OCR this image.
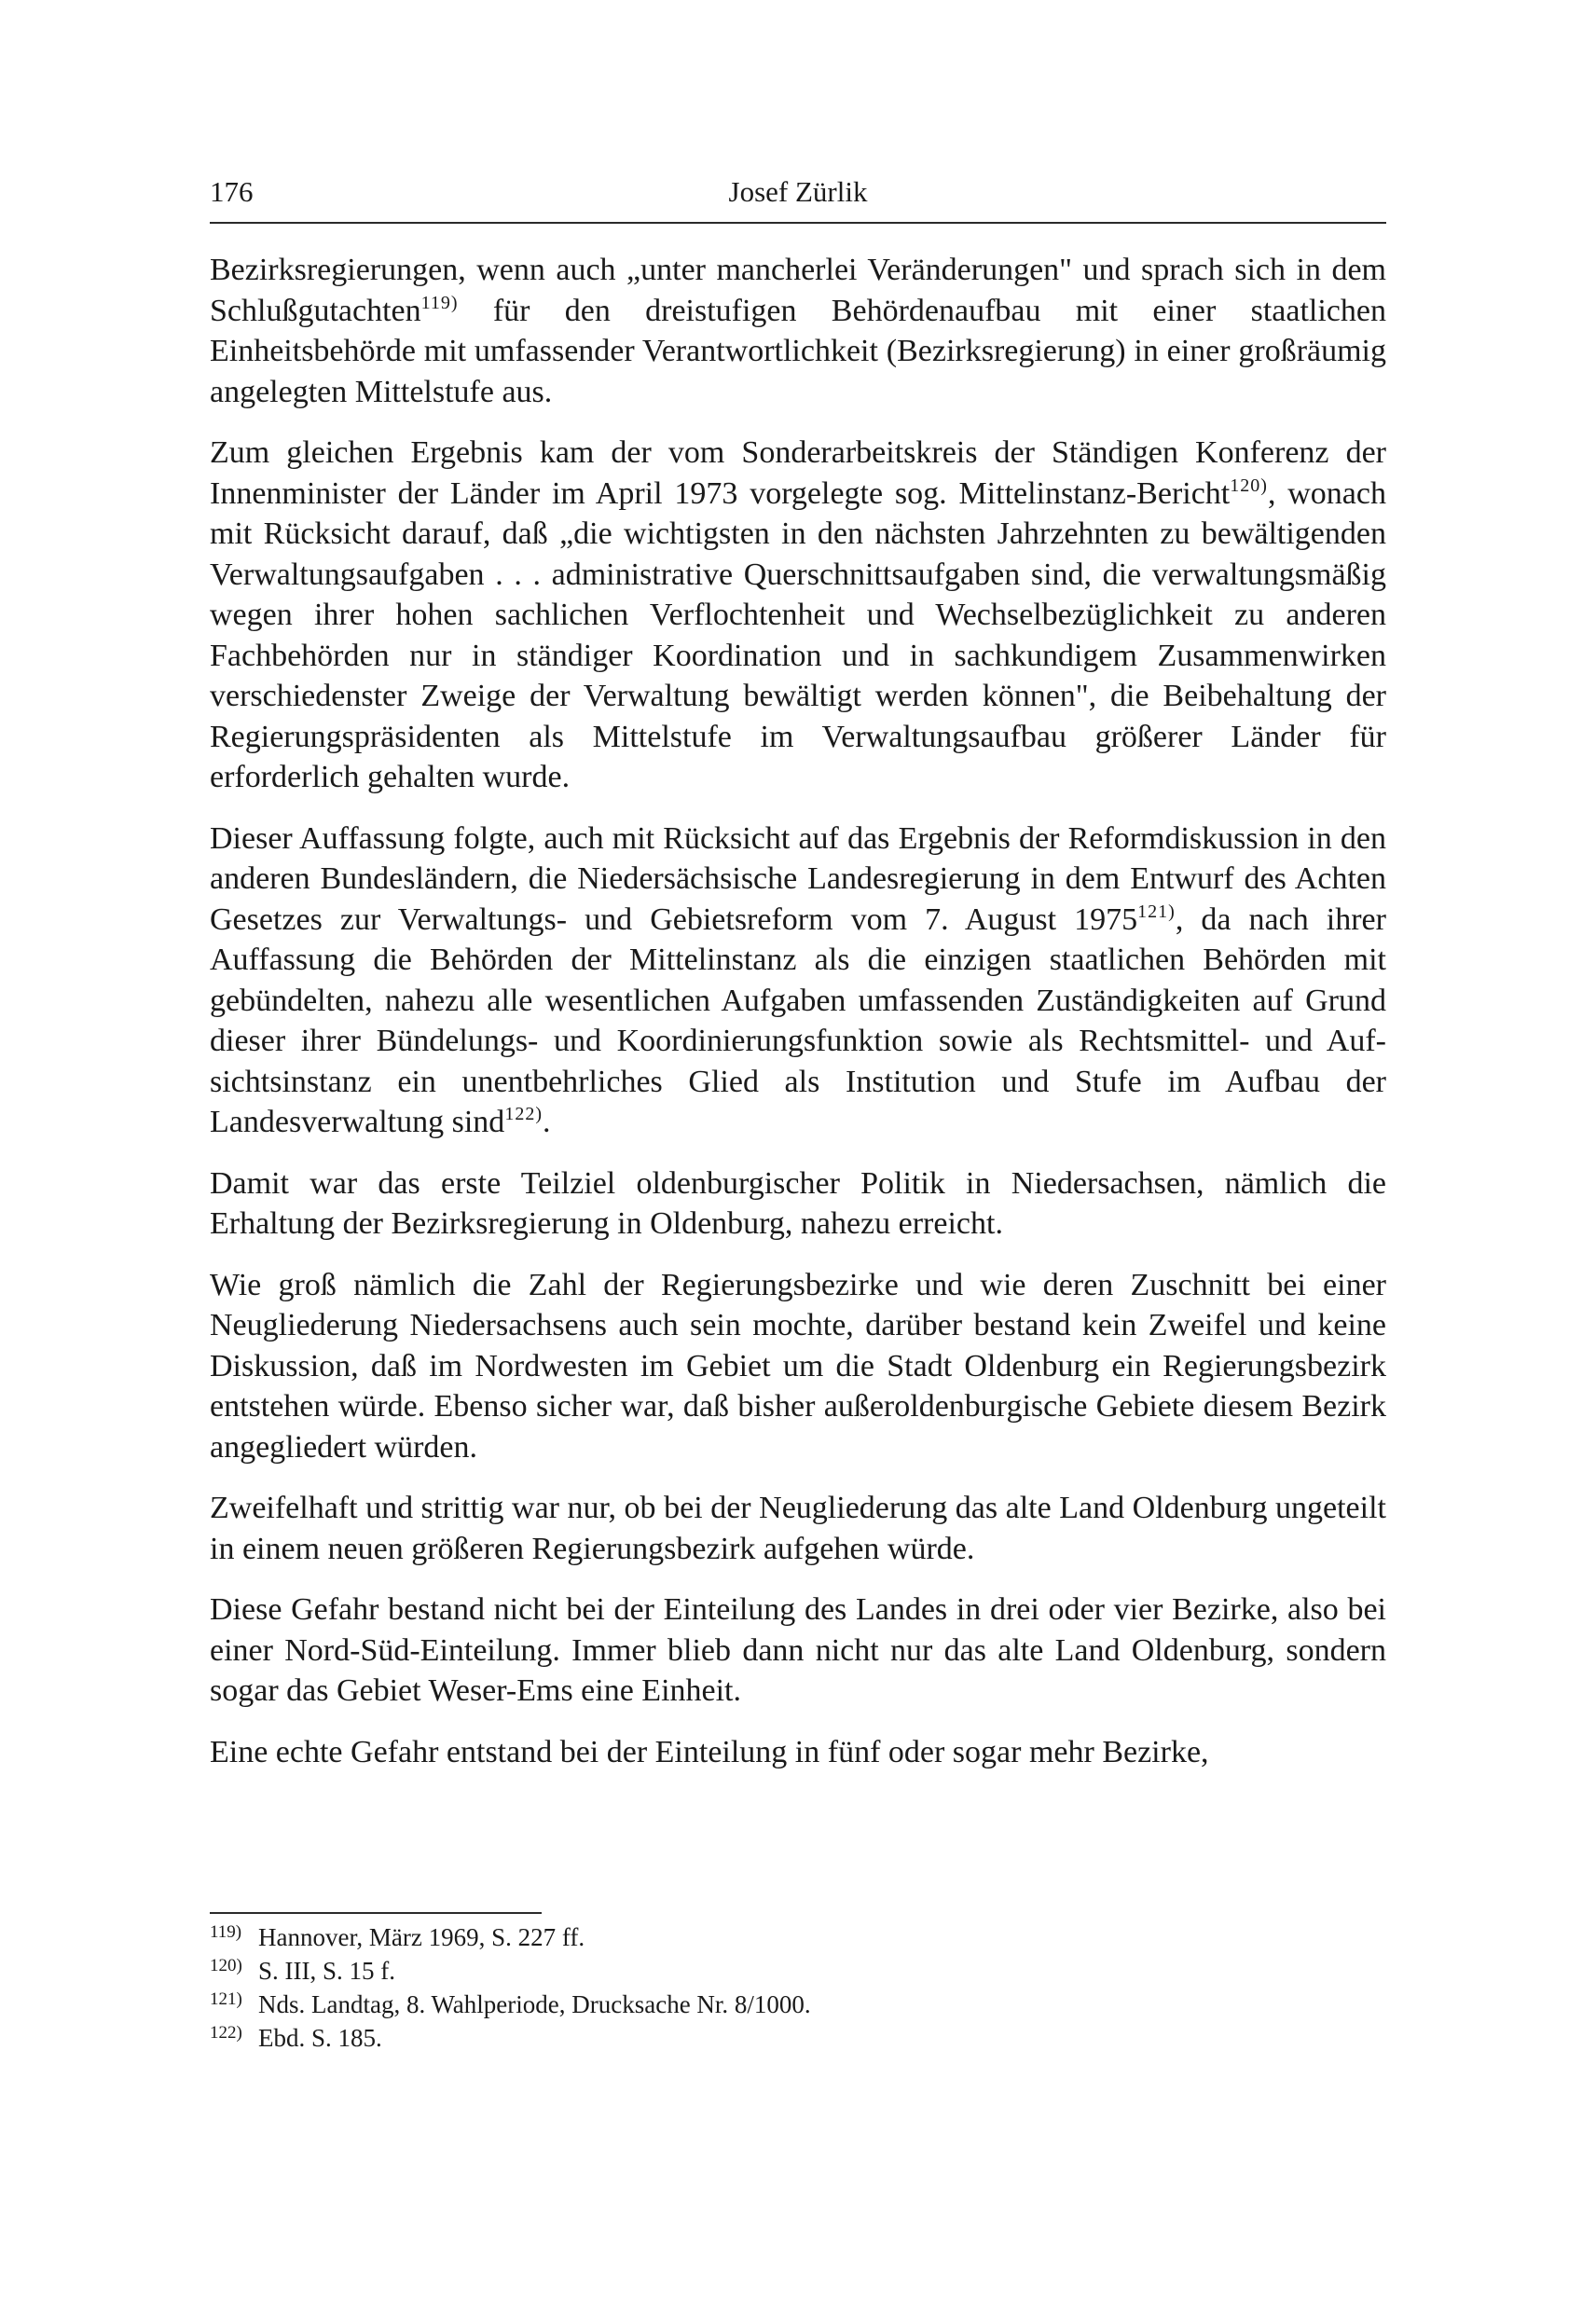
176	Josef Zürlik

Bezirksregierungen, wenn auch „unter mancherlei Veränderungen" und sprach sich in dem Schlußgutachten$^{119)}$ für den dreistufigen Behördenaufbau mit einer staatlichen Einheitsbehörde mit umfassender Verantwortlichkeit (Bezirksregierung) in einer großräumig angelegten Mittelstufe aus.

Zum gleichen Ergebnis kam der vom Sonderarbeitskreis der Ständigen Konferenz der Innenminister der Länder im April 1973 vorgelegte sog. Mittelinstanz-Bericht$^{120)}$, wonach mit Rücksicht darauf, daß „die wichtigsten in den nächsten Jahrzehnten zu bewältigenden Verwaltungsaufgaben . . . administrative Querschnittsaufgaben sind, die verwaltungsmäßig wegen ihrer hohen sachlichen Verflochtenheit und Wechselbezüglichkeit zu anderen Fachbehörden nur in ständiger Koordination und in sachkundigem Zusammenwirken verschiedenster Zweige der Verwaltung bewältigt werden können", die Beibehaltung der Regierungspräsidenten als Mittelstufe im Verwaltungsaufbau größerer Länder für erforderlich gehalten wurde.

Dieser Auffassung folgte, auch mit Rücksicht auf das Ergebnis der Reformdiskussion in den anderen Bundesländern, die Niedersächsische Landesregierung in dem Entwurf des Achten Gesetzes zur Verwaltungs- und Gebietsreform vom 7. August 1975$^{121)}$, da nach ihrer Auffassung die Behörden der Mittelinstanz als die einzigen staatlichen Behörden mit gebündelten, nahezu alle wesentlichen Aufgaben umfassenden Zuständigkeiten auf Grund dieser ihrer Bündelungs- und Koordinierungsfunktion sowie als Rechtsmittel- und Aufsichtsinstanz ein unentbehrliches Glied als Institution und Stufe im Aufbau der Landesverwaltung sind$^{122)}$.

Damit war das erste Teilziel oldenburgischer Politik in Niedersachsen, nämlich die Erhaltung der Bezirksregierung in Oldenburg, nahezu erreicht.

Wie groß nämlich die Zahl der Regierungsbezirke und wie deren Zuschnitt bei einer Neugliederung Niedersachsens auch sein mochte, darüber bestand kein Zweifel und keine Diskussion, daß im Nordwesten im Gebiet um die Stadt Oldenburg ein Regierungsbezirk entstehen würde. Ebenso sicher war, daß bisher außeroldenburgische Gebiete diesem Bezirk angegliedert würden.

Zweifelhaft und strittig war nur, ob bei der Neugliederung das alte Land Oldenburg ungeteilt in einem neuen größeren Regierungsbezirk aufgehen würde.

Diese Gefahr bestand nicht bei der Einteilung des Landes in drei oder vier Bezirke, also bei einer Nord-Süd-Einteilung. Immer blieb dann nicht nur das alte Land Oldenburg, sondern sogar das Gebiet Weser-Ems eine Einheit.

Eine echte Gefahr entstand bei der Einteilung in fünf oder sogar mehr Bezirke,

119) Hannover, März 1969, S. 227 ff.
120) S. III, S. 15 f.
121) Nds. Landtag, 8. Wahlperiode, Drucksache Nr. 8/1000.
122) Ebd. S. 185.
